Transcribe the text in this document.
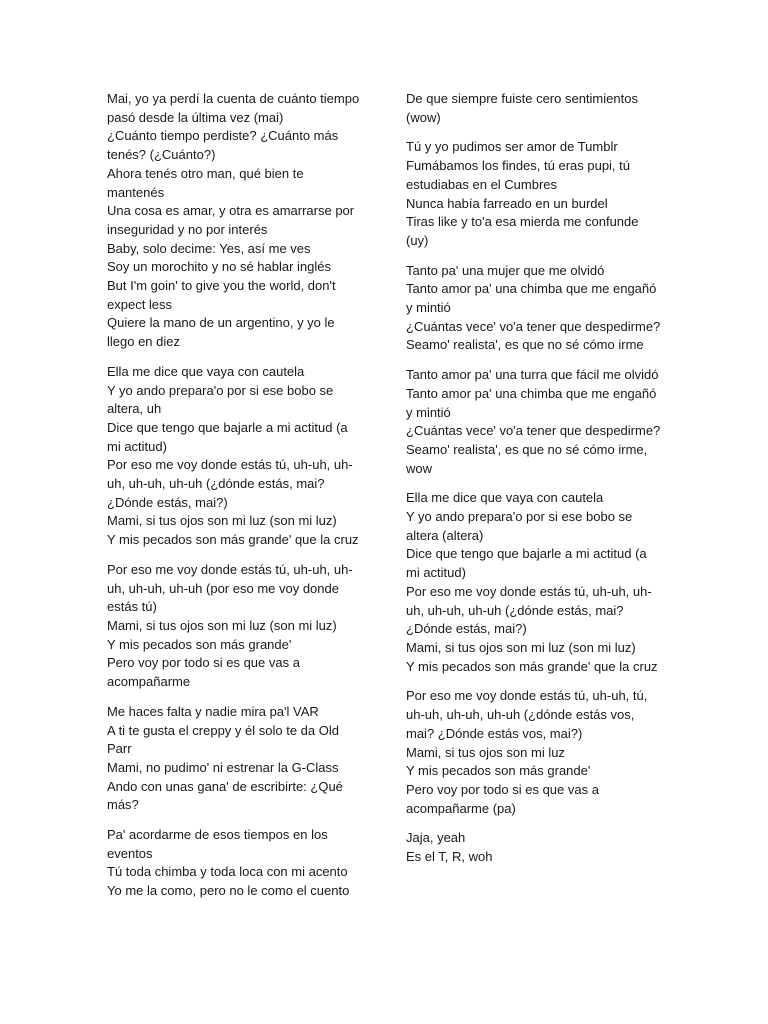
Mai, yo ya perdí la cuenta de cuánto tiempo pasó desde la última vez (mai)
¿Cuánto tiempo perdiste? ¿Cuánto más tenés? (¿Cuánto?)
Ahora tenés otro man, qué bien te mantenés
Una cosa es amar, y otra es amarrarse por inseguridad y no por interés
Baby, solo decime: Yes, así me ves
Soy un morochito y no sé hablar inglés
But I'm goin' to give you the world, don't expect less
Quiere la mano de un argentino, y yo le llego en diez
Ella me dice que vaya con cautela
Y yo ando prepara'o por si ese bobo se altera, uh
Dice que tengo que bajarle a mi actitud (a mi actitud)
Por eso me voy donde estás tú, uh-uh, uh-uh, uh-uh, uh-uh (¿dónde estás, mai? ¿Dónde estás, mai?)
Mami, si tus ojos son mi luz (son mi luz)
Y mis pecados son más grande' que la cruz
Por eso me voy donde estás tú, uh-uh, uh-uh, uh-uh, uh-uh (por eso me voy donde estás tú)
Mami, si tus ojos son mi luz (son mi luz)
Y mis pecados son más grande'
Pero voy por todo si es que vas a acompañarme
Me haces falta y nadie mira pa'l VAR
A ti te gusta el creppy y él solo te da Old Parr
Mami, no pudimo' ni estrenar la G-Class
Ando con unas gana' de escribirte: ¿Qué más?
Pa' acordarme de esos tiempos en los eventos
Tú toda chimba y toda loca con mi acento
Yo me la como, pero no le como el cuento
De que siempre fuiste cero sentimientos (wow)
Tú y yo pudimos ser amor de Tumblr
Fumábamos los findes, tú eras pupi, tú estudiabas en el Cumbres
Nunca había farreado en un burdel
Tiras like y to'a esa mierda me confunde (uy)
Tanto pa' una mujer que me olvidó
Tanto amor pa' una chimba que me engañó y mintió
¿Cuántas vece' vo'a tener que despedirme?
Seamo' realista', es que no sé cómo irme
Tanto amor pa' una turra que fácil me olvidó
Tanto amor pa' una chimba que me engañó y mintió
¿Cuántas vece' vo'a tener que despedirme?
Seamo' realista', es que no sé cómo irme, wow
Ella me dice que vaya con cautela
Y yo ando prepara'o por si ese bobo se altera (altera)
Dice que tengo que bajarle a mi actitud (a mi actitud)
Por eso me voy donde estás tú, uh-uh, uh-uh, uh-uh, uh-uh (¿dónde estás, mai? ¿Dónde estás, mai?)
Mami, si tus ojos son mi luz (son mi luz)
Y mis pecados son más grande' que la cruz
Por eso me voy donde estás tú, uh-uh, tú, uh-uh, uh-uh, uh-uh (¿dónde estás vos, mai? ¿Dónde estás vos, mai?)
Mami, si tus ojos son mi luz
Y mis pecados son más grande'
Pero voy por todo si es que vas a acompañarme (pa)
Jaja, yeah
Es el T, R, woh
